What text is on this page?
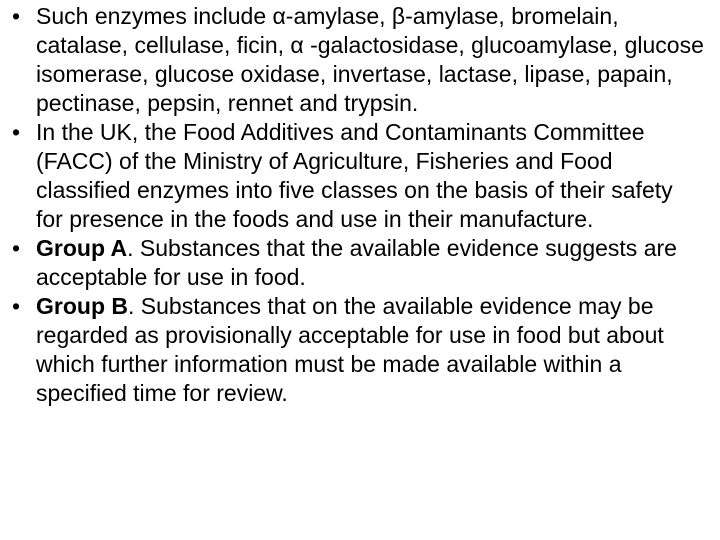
• Such enzymes include α-amylase, β-amylase, bromelain, catalase, cellulase, ficin, α -galactosidase, glucoamylase, glucose isomerase, glucose oxidase, invertase, lactase, lipase, papain, pectinase, pepsin, rennet and trypsin.
• In the UK, the Food Additives and Contaminants Committee (FACC) of the Ministry of Agriculture, Fisheries and Food classified enzymes into five classes on the basis of their safety for presence in the foods and use in their manufacture.
• Group A. Substances that the available evidence suggests are acceptable for use in food.
• Group B. Substances that on the available evidence may be regarded as provisionally acceptable for use in food but about which further information must be made available within a specified time for review.
